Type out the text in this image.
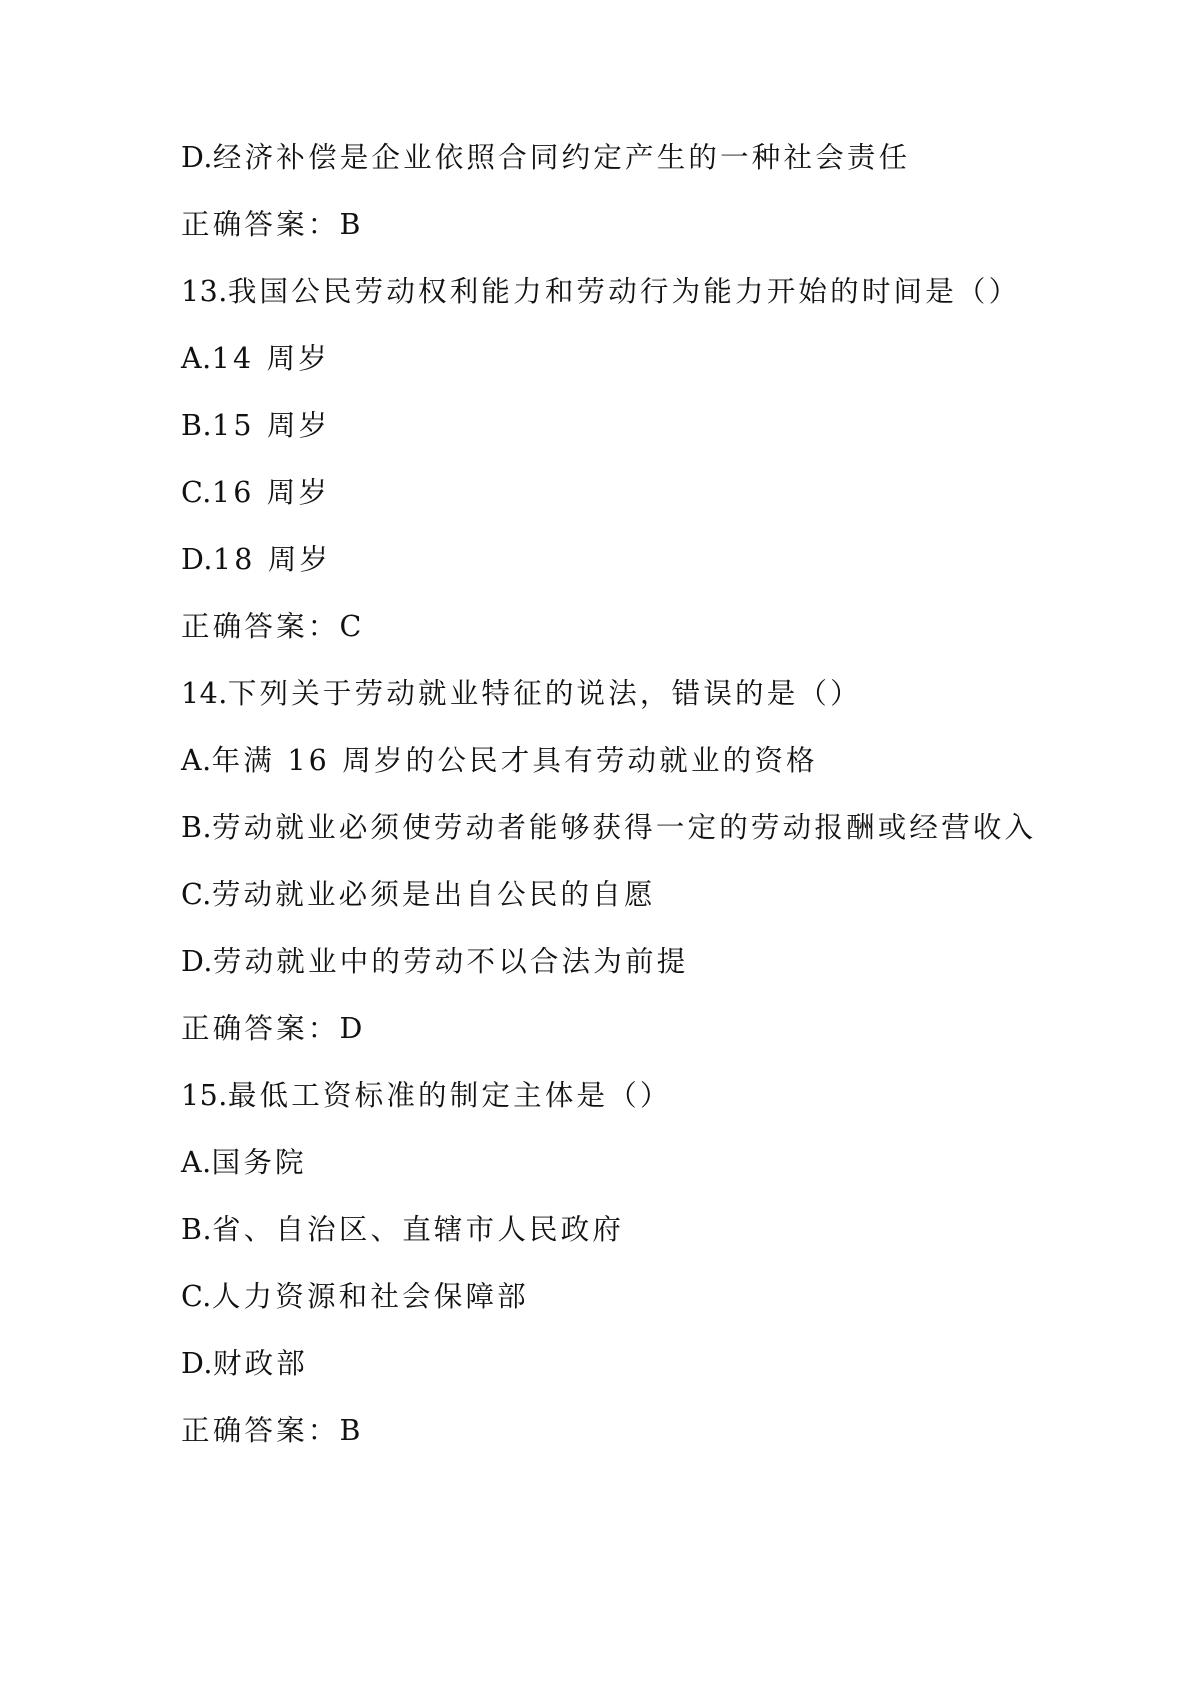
D.经济补偿是企业依照合同约定产生的一种社会责任
正确答案：B
13.我国公民劳动权利能力和劳动行为能力开始的时间是（）
A.14 周岁
B.15 周岁
C.16 周岁
D.18 周岁
正确答案：C
14.下列关于劳动就业特征的说法，错误的是（）
A.年满 16 周岁的公民才具有劳动就业的资格
B.劳动就业必须使劳动者能够获得一定的劳动报酬或经营收入
C.劳动就业必须是出自公民的自愿
D.劳动就业中的劳动不以合法为前提
正确答案：D
15.最低工资标准的制定主体是（）
A.国务院
B.省、自治区、直辖市人民政府
C.人力资源和社会保障部
D.财政部
正确答案：B
